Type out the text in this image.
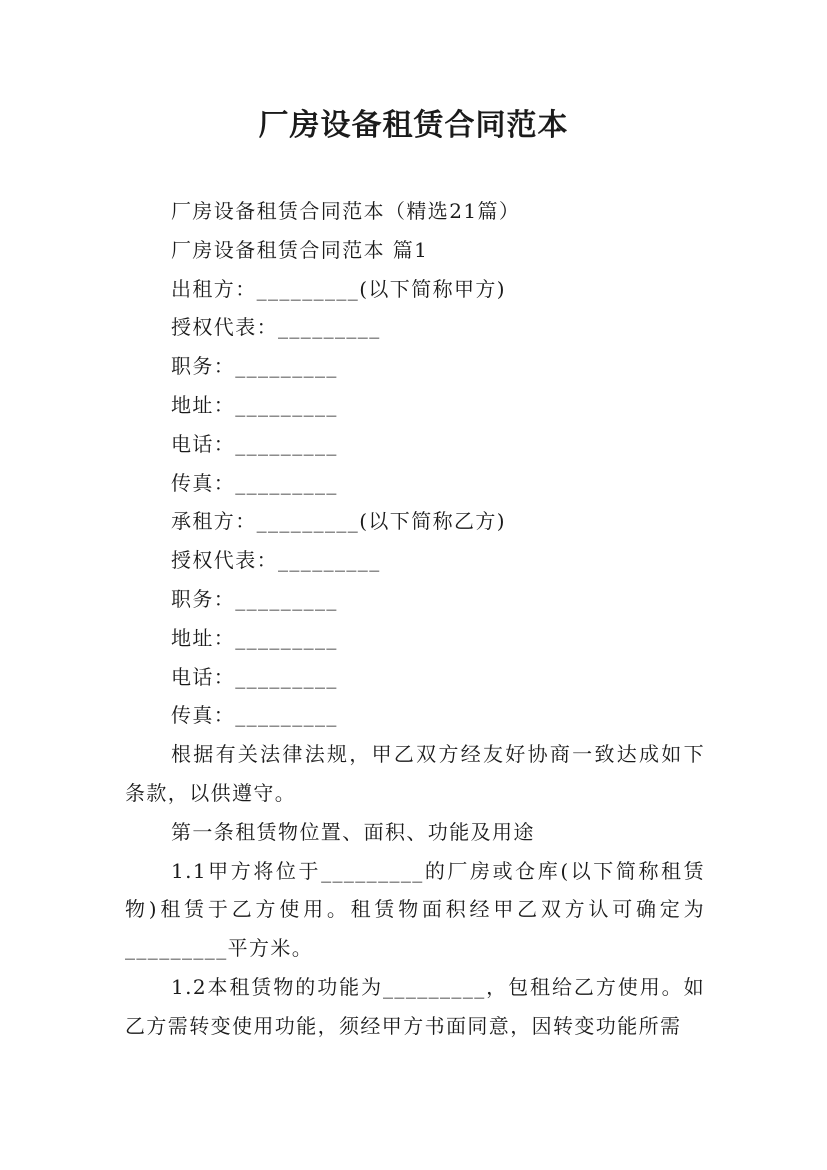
厂房设备租赁合同范本

厂房设备租赁合同范本（精选21篇）

厂房设备租赁合同范本 篇1

出租方：_________(以下简称甲方)

授权代表：_________

职务：_________

地址：_________

电话：_________

传真：_________

承租方：_________(以下简称乙方)

授权代表：_________

职务：_________

地址：_________

电话：_________

传真：_________

根据有关法律法规，甲乙双方经友好协商一致达成如下条款，以供遵守。

第一条租赁物位置、面积、功能及用途

1.1甲方将位于_________的厂房或仓库(以下简称租赁物)租赁于乙方使用。租赁物面积经甲乙双方认可确定为_________平方米。

1.2本租赁物的功能为_________，包租给乙方使用。如乙方需转变使用功能，须经甲方书面同意，因转变功能所需
